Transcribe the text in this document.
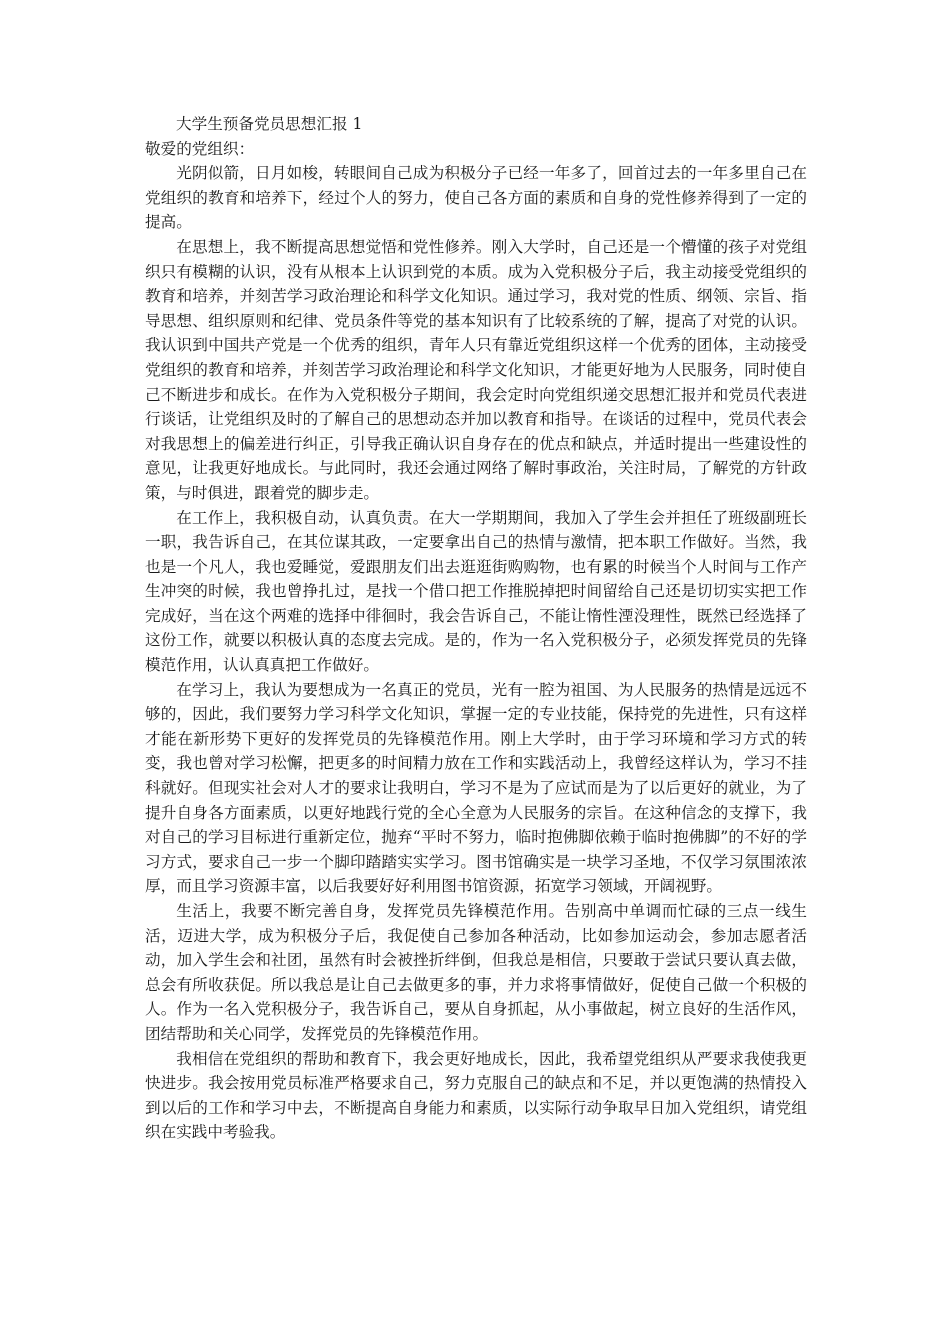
大学生预备党员思想汇报 1

敬爱的党组织：

光阴似箭，日月如梭，转眼间自己成为积极分子已经一年多了，回首过去的一年多里自己在党组织的教育和培养下，经过个人的努力，使自己各方面的素质和自身的党性修养得到了一定的提高。

在思想上，我不断提高思想觉悟和党性修养。刚入大学时，自己还是一个懵懂的孩子对党组织只有模糊的认识，没有从根本上认识到党的本质。成为入党积极分子后，我主动接受党组织的教育和培养，并刻苦学习政治理论和科学文化知识。通过学习，我对党的性质、纲领、宗旨、指导思想、组织原则和纪律、党员条件等党的基本知识有了比较系统的了解，提高了对党的认识。我认识到中国共产党是一个优秀的组织，青年人只有靠近党组织这样一个优秀的团体，主动接受党组织的教育和培养，并刻苦学习政治理论和科学文化知识，才能更好地为人民服务，同时使自己不断进步和成长。在作为入党积极分子期间，我会定时向党组织递交思想汇报并和党员代表进行谈话，让党组织及时的了解自己的思想动态并加以教育和指导。在谈话的过程中，党员代表会对我思想上的偏差进行纠正，引导我正确认识自身存在的优点和缺点，并适时提出一些建设性的意见，让我更好地成长。与此同时，我还会通过网络了解时事政治，关注时局，了解党的方针政策，与时俱进，跟着党的脚步走。

在工作上，我积极自动，认真负责。在大一学期期间，我加入了学生会并担任了班级副班长一职，我告诉自己，在其位谋其政，一定要拿出自己的热情与激情，把本职工作做好。当然，我也是一个凡人，我也爱睡觉，爱跟朋友们出去逛逛街购购物，也有累的时候当个人时间与工作产生冲突的时候，我也曾挣扎过，是找一个借口把工作推脱掉把时间留给自己还是切切实实把工作完成好，当在这个两难的选择中徘徊时，我会告诉自己，不能让惰性湮没理性，既然已经选择了这份工作，就要以积极认真的态度去完成。是的，作为一名入党积极分子，必须发挥党员的先锋模范作用，认认真真把工作做好。

在学习上，我认为要想成为一名真正的党员，光有一腔为祖国、为人民服务的热情是远远不够的，因此，我们要努力学习科学文化知识，掌握一定的专业技能，保持党的先进性，只有这样才能在新形势下更好的发挥党员的先锋模范作用。刚上大学时，由于学习环境和学习方式的转变，我也曾对学习松懈，把更多的时间精力放在工作和实践活动上，我曾经这样认为，学习不挂科就好。但现实社会对人才的要求让我明白，学习不是为了应试而是为了以后更好的就业，为了提升自身各方面素质，以更好地践行党的全心全意为人民服务的宗旨。在这种信念的支撑下，我对自己的学习目标进行重新定位，抛弃“平时不努力，临时抱佛脚依赖于临时抱佛脚”的不好的学习方式，要求自己一步一个脚印踏踏实实学习。图书馆确实是一块学习圣地，不仅学习氛围浓浓厚，而且学习资源丰富，以后我要好好利用图书馆资源，拓宽学习领域，开阔视野。

生活上，我要不断完善自身，发挥党员先锋模范作用。告别高中单调而忙碌的三点一线生活，迈进大学，成为积极分子后，我促使自己参加各种活动，比如参加运动会，参加志愿者活动，加入学生会和社团，虽然有时会被挫折绊倒，但我总是相信，只要敢于尝试只要认真去做，总会有所收获促。所以我总是让自己去做更多的事，并力求将事情做好，促使自己做一个积极的人。作为一名入党积极分子，我告诉自己，要从自身抓起，从小事做起，树立良好的生活作风，团结帮助和关心同学，发挥党员的先锋模范作用。

我相信在党组织的帮助和教育下，我会更好地成长，因此，我希望党组织从严要求我使我更快进步。我会按用党员标准严格要求自己，努力克服自己的缺点和不足，并以更饱满的热情投入到以后的工作和学习中去，不断提高自身能力和素质，以实际行动争取早日加入党组织，请党组织在实践中考验我。
